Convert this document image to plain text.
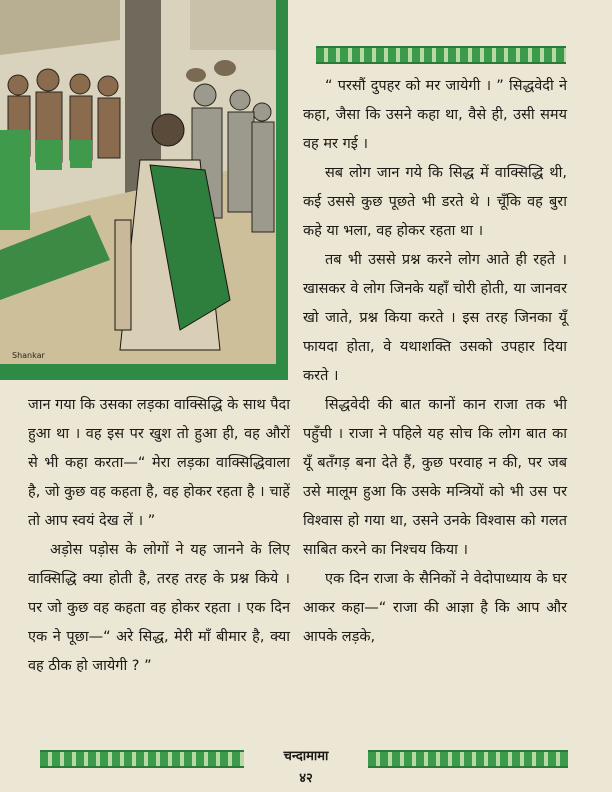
Shankar

“ परसौं दुपहर को मर जायेगी । ” सिद्धवेदी ने कहा, जैसा कि उसने कहा था, वैसे ही, उसी समय वह मर गई ।

सब लोग जान गये कि सिद्ध में वाक्सिद्धि थी, कई उससे कुछ पूछते भी डरते थे । चूँकि वह बुरा कहे या भला, वह होकर रहता था ।

तब भी उससे प्रश्न करने लोग आते ही रहते । खासकर वे लोग जिनके यहाँ चोरी होती, या जानवर खो जाते, प्रश्न किया करते । इस तरह जिनका यूँ फायदा होता, वे यथाशक्ति उसको उपहार दिया करते ।

सिद्धवेदी की बात कानों कान राजा तक भी पहुँची । राजा ने पहिले यह सोच कि लोग बात का यूँ बतँगड़ बना देते हैं, कुछ परवाह न की, पर जब उसे मालूम हुआ कि उसके मन्त्रियों को भी उस पर विश्वास हो गया था, उसने उनके विश्वास को गलत साबित करने का निश्चय किया ।

एक दिन राजा के सैनिकों ने वेदोपाध्याय के घर आकर कहा—“ राजा की आज्ञा है कि आप और आपके लड़के,

जान गया कि उसका लड़का वाक्सिद्धि के साथ पैदा हुआ था । वह इस पर खुश तो हुआ ही, वह औरों से भी कहा करता—“ मेरा लड़का वाक्सिद्धिवाला है, जो कुछ वह कहता है, वह होकर रहता है । चाहें तो आप स्वयं देख लें । ”

अड़ोस पड़ोस के लोगों ने यह जानने के लिए वाक्सिद्धि क्या होती है, तरह तरह के प्रश्न किये । पर जो कुछ वह कहता वह होकर रहता । एक दिन एक ने पूछा—“ अरे सिद्ध, मेरी माँ बीमार है, क्या वह ठीक हो जायेगी ? ”

चन्दामामा
४२
